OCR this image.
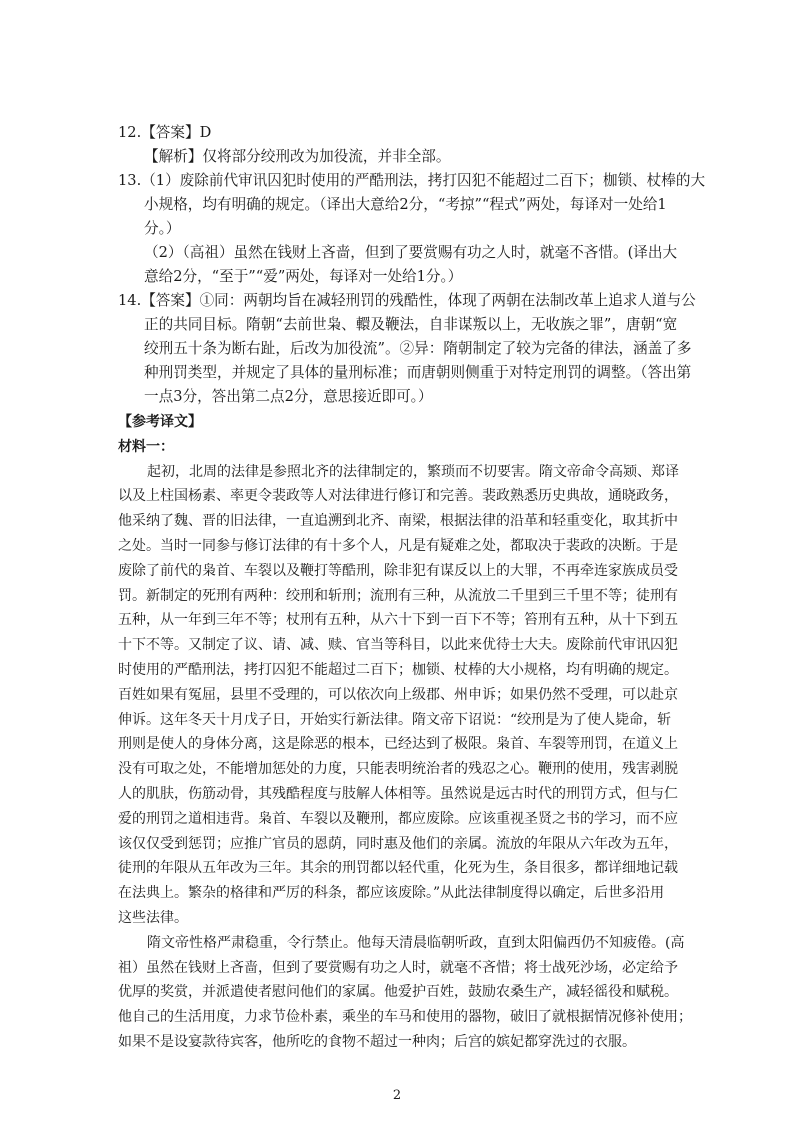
12.【答案】D
【解析】仅将部分绞刑改为加役流，并非全部。
13.（1）废除前代审讯囚犯时使用的严酷刑法，拷打囚犯不能超过二百下；枷锁、杖棒的大
小规格，均有明确的规定。（译出大意给2分，“考掠”“程式”两处，每译对一处给1
分。）
（2）（高祖）虽然在钱财上吝啬，但到了要赏赐有功之人时，就毫不吝惜。(译出大
意给2分，“至于”“爱”两处，每译对一处给1分。）
14.【答案】①同：两朝均旨在减轻刑罚的残酷性，体现了两朝在法制改革上追求人道与公
正的共同目标。隋朝“去前世枭、轘及鞭法，自非谋叛以上，无收族之罪”，唐朝“宽
绞刑五十条为断右趾，后改为加役流”。②异：隋朝制定了较为完备的律法，涵盖了多
种刑罚类型，并规定了具体的量刑标准；而唐朝则侧重于对特定刑罚的调整。（答出第
一点3分，答出第二点2分，意思接近即可。）
【参考译文】
材料一：
起初，北周的法律是参照北齐的法律制定的，繁琐而不切要害。隋文帝命令高颎、郑译
以及上柱国杨素、率更令裴政等人对法律进行修订和完善。裴政熟悉历史典故，通晓政务，
他采纳了魏、晋的旧法律，一直追溯到北齐、南梁，根据法律的沿革和轻重变化，取其折中
之处。当时一同参与修订法律的有十多个人，凡是有疑难之处，都取决于裴政的决断。于是
废除了前代的枭首、车裂以及鞭打等酷刑，除非犯有谋反以上的大罪，不再牵连家族成员受
罚。新制定的死刑有两种：绞刑和斩刑；流刑有三种，从流放二千里到三千里不等；徒刑有
五种，从一年到三年不等；杖刑有五种，从六十下到一百下不等；笞刑有五种，从十下到五
十下不等。又制定了议、请、减、赎、官当等科目，以此来优待士大夫。废除前代审讯囚犯
时使用的严酷刑法，拷打囚犯不能超过二百下；枷锁、杖棒的大小规格，均有明确的规定。
百姓如果有冤屈，县里不受理的，可以依次向上级郡、州申诉；如果仍然不受理，可以赴京
伸诉。这年冬天十月戊子日，开始实行新法律。隋文帝下诏说：“绞刑是为了使人毙命，斩
刑则是使人的身体分离，这是除恶的根本，已经达到了极限。枭首、车裂等刑罚，在道义上
没有可取之处，不能增加惩处的力度，只能表明统治者的残忍之心。鞭刑的使用，残害剥脱
人的肌肤，伤筋动骨，其残酷程度与肢解人体相等。虽然说是远古时代的刑罚方式，但与仁
爱的刑罚之道相违背。枭首、车裂以及鞭刑，都应废除。应该重视圣贤之书的学习，而不应
该仅仅受到惩罚；应推广官员的恩荫，同时惠及他们的亲属。流放的年限从六年改为五年，
徒刑的年限从五年改为三年。其余的刑罚都以轻代重，化死为生，条目很多，都详细地记载
在法典上。繁杂的格律和严厉的科条，都应该废除。”从此法律制度得以确定，后世多沿用
这些法律。
隋文帝性格严肃稳重，令行禁止。他每天清晨临朝听政，直到太阳偏西仍不知疲倦。(高
祖）虽然在钱财上吝啬，但到了要赏赐有功之人时，就毫不吝惜；将士战死沙场，必定给予
优厚的奖赏，并派遣使者慰问他们的家属。他爱护百姓，鼓励农桑生产，减轻徭役和赋税。
他自己的生活用度，力求节俭朴素，乘坐的车马和使用的器物，破旧了就根据情况修补使用；
如果不是设宴款待宾客，他所吃的食物不超过一种肉；后宫的嫔妃都穿洗过的衣服。
2
